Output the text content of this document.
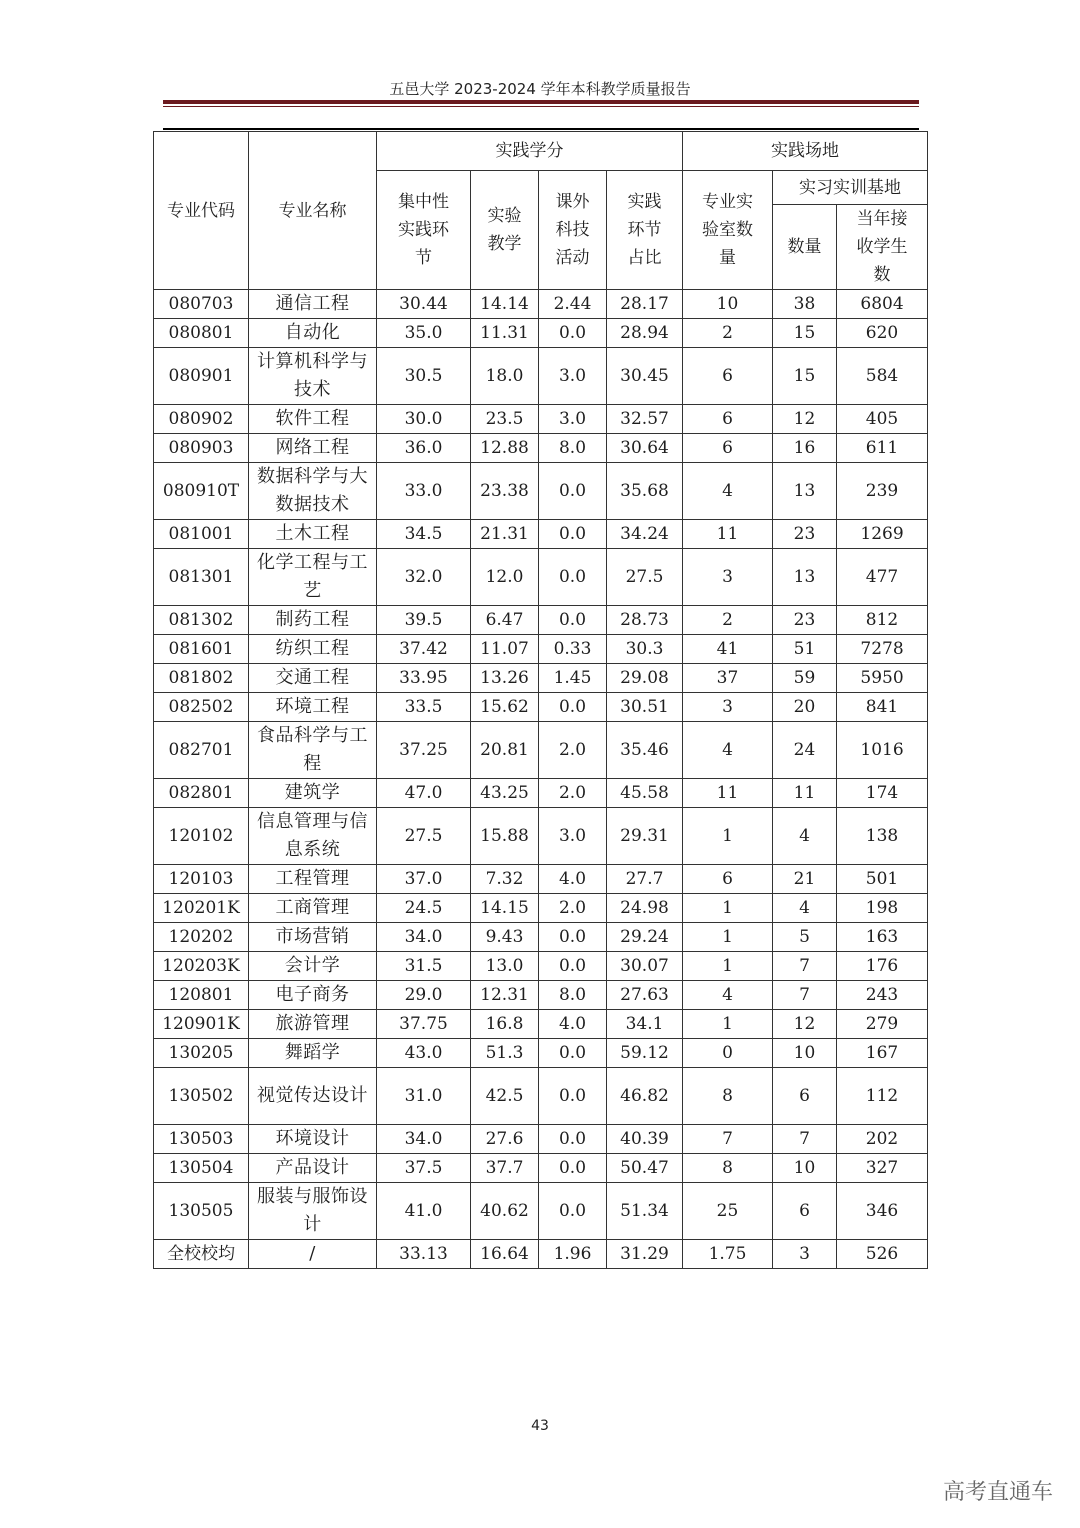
五邑大学 2023-2024 学年本科教学质量报告
专业代码	专业名称	实践学分				实践场地		
		集中性实践环节	实验教学	课外科技活动	实践环节占比	专业实验室数量	实习实训基地	
							数量	当年接收学生数
080703	通信工程	30.44	14.14	2.44	28.17	10	38	6804
080801	自动化	35.0	11.31	0.0	28.94	2	15	620
080901	计算机科学与技术	30.5	18.0	3.0	30.45	6	15	584
080902	软件工程	30.0	23.5	3.0	32.57	6	12	405
080903	网络工程	36.0	12.88	8.0	30.64	6	16	611
080910T	数据科学与大数据技术	33.0	23.38	0.0	35.68	4	13	239
081001	土木工程	34.5	21.31	0.0	34.24	11	23	1269
081301	化学工程与工艺	32.0	12.0	0.0	27.5	3	13	477
081302	制药工程	39.5	6.47	0.0	28.73	2	23	812
081601	纺织工程	37.42	11.07	0.33	30.3	41	51	7278
081802	交通工程	33.95	13.26	1.45	29.08	37	59	5950
082502	环境工程	33.5	15.62	0.0	30.51	3	20	841
082701	食品科学与工程	37.25	20.81	2.0	35.46	4	24	1016
082801	建筑学	47.0	43.25	2.0	45.58	11	11	174
120102	信息管理与信息系统	27.5	15.88	3.0	29.31	1	4	138
120103	工程管理	37.0	7.32	4.0	27.7	6	21	501
120201K	工商管理	24.5	14.15	2.0	24.98	1	4	198
120202	市场营销	34.0	9.43	0.0	29.24	1	5	163
120203K	会计学	31.5	13.0	0.0	30.07	1	7	176
120801	电子商务	29.0	12.31	8.0	27.63	4	7	243
120901K	旅游管理	37.75	16.8	4.0	34.1	1	12	279
130205	舞蹈学	43.0	51.3	0.0	59.12	0	10	167
130502	视觉传达设计	31.0	42.5	0.0	46.82	8	6	112
130503	环境设计	34.0	27.6	0.0	40.39	7	7	202
130504	产品设计	37.5	37.7	0.0	50.47	8	10	327
130505	服装与服饰设计	41.0	40.62	0.0	51.34	25	6	346
全校校均	/	33.13	16.64	1.96	31.29	1.75	3	526
43
高考直通车
